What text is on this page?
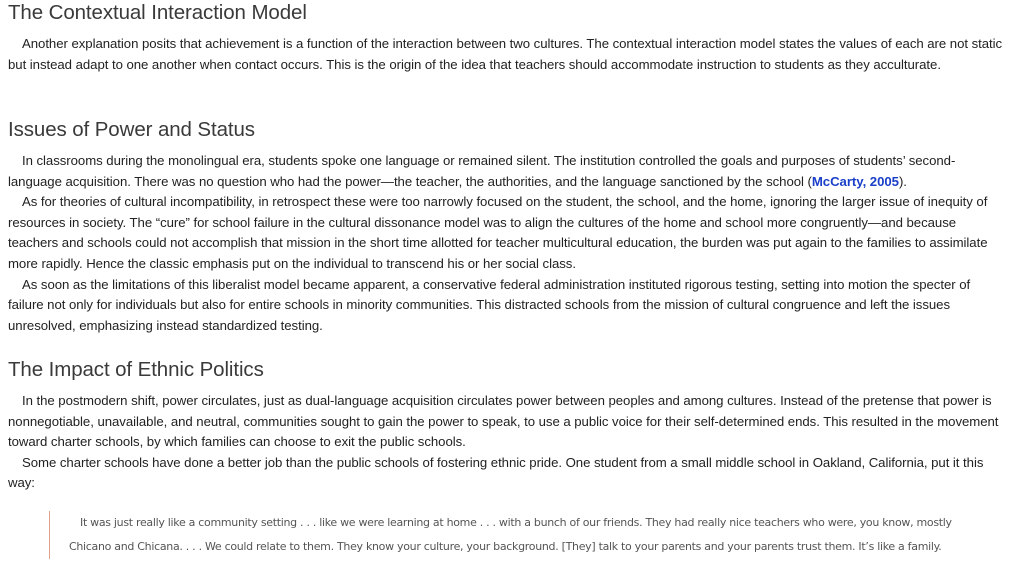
The Contextual Interaction Model

Another explanation posits that achievement is a function of the interaction between two cultures. The contextual interaction model states the values of each are not static but instead adapt to one another when contact occurs. This is the origin of the idea that teachers should accommodate instruction to students as they acculturate.

Issues of Power and Status

In classrooms during the monolingual era, students spoke one language or remained silent. The institution controlled the goals and purposes of students’ second-language acquisition. There was no question who had the power—the teacher, the authorities, and the language sanctioned by the school (McCarty, 2005).

As for theories of cultural incompatibility, in retrospect these were too narrowly focused on the student, the school, and the home, ignoring the larger issue of inequity of resources in society. The “cure” for school failure in the cultural dissonance model was to align the cultures of the home and school more congruently—and because teachers and schools could not accomplish that mission in the short time allotted for teacher multicultural education, the burden was put again to the families to assimilate more rapidly. Hence the classic emphasis put on the individual to transcend his or her social class.

As soon as the limitations of this liberalist model became apparent, a conservative federal administration instituted rigorous testing, setting into motion the specter of failure not only for individuals but also for entire schools in minority communities. This distracted schools from the mission of cultural congruence and left the issues unresolved, emphasizing instead standardized testing.

The Impact of Ethnic Politics

In the postmodern shift, power circulates, just as dual-language acquisition circulates power between peoples and among cultures. Instead of the pretense that power is nonnegotiable, unavailable, and neutral, communities sought to gain the power to speak, to use a public voice for their self-determined ends. This resulted in the movement toward charter schools, by which families can choose to exit the public schools.

Some charter schools have done a better job than the public schools of fostering ethnic pride. One student from a small middle school in Oakland, California, put it this way:

It was just really like a community setting . . . like we were learning at home . . . with a bunch of our friends. They had really nice teachers who were, you know, mostly
Chicano and Chicana. . . . We could relate to them. They know your culture, your background. [They] talk to your parents and your parents trust them. It’s like a family.
